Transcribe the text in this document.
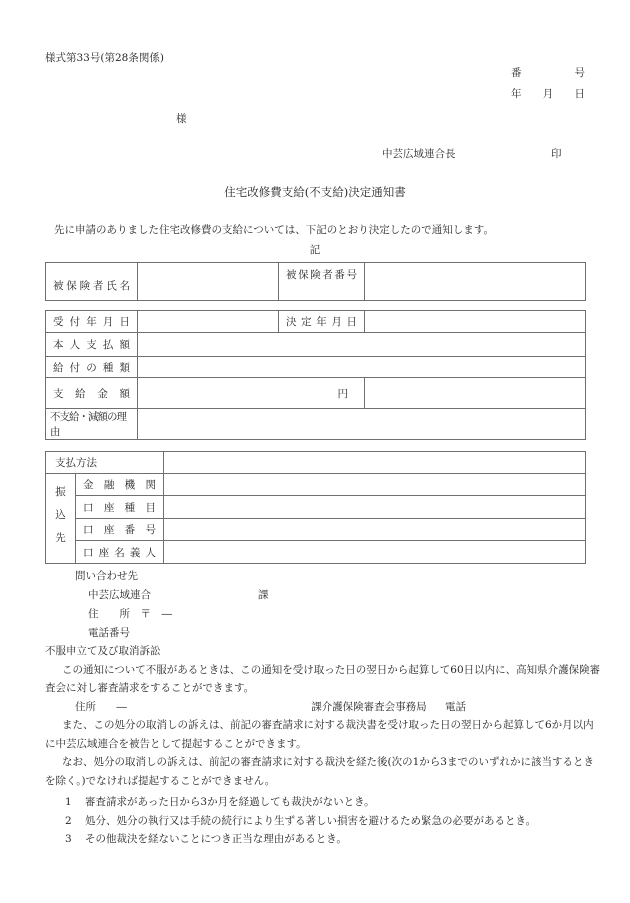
様式第33号(第28条関係)
番	号
年 月 日
様
中芸広域連合長	印
住宅改修費支給(不支給)決定通知書
先に申請のありました住宅改修費の支給については、下記のとおり決定したので通知します。
記
被保険者氏名		被保険者番号	
受付年月日		決定年月日	
本人支払額			
給付の種類			
支給金額	円		
不支給・減額の理由			
支払方法		

振
込
先	金融機関	
	口座種目	
	口座番号	
	口座名義人	
問い合わせ先
中芸広域連合	課
住　　所　〒　―
電話番号
不服申立て及び取消訴訟
この通知について不服があるときは、この通知を受け取った日の翌日から起算して60日以内に、高知県介護保険審
査会に対し審査請求をすることができます。
住所 ―	課介護保険審査会事務局 電話
また、この処分の取消しの訴えは、前記の審査請求に対する裁決書を受け取った日の翌日から起算して6か月以内
に中芸広域連合を被告として提起することができます。
なお、処分の取消しの訴えは、前記の審査請求に対する裁決を経た後(次の1から3までのいずれかに該当するとき
を除く。)でなければ提起することができません。
1 審査請求があった日から3か月を経過しても裁決がないとき。
2 処分、処分の執行又は手続の続行により生ずる著しい損害を避けるため緊急の必要があるとき。
3 その他裁決を経ないことにつき正当な理由があるとき。
